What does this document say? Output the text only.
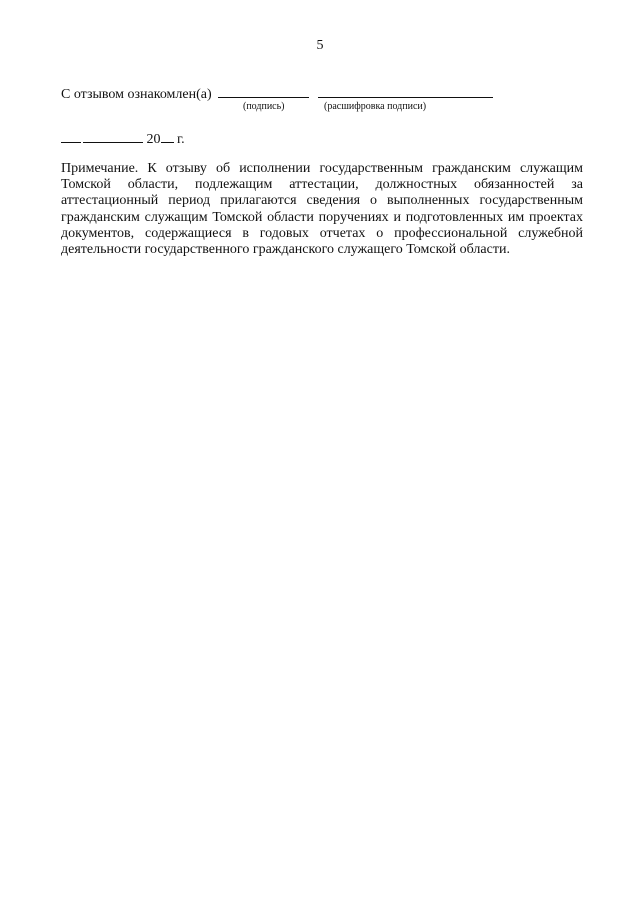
5
С отзывом ознакомлен(а)
(подпись)	(расшифровка подписи)
20 г.

Примечание. К отзыву об исполнении государственным гражданским служащим Томской области, подлежащим аттестации, должностных обязанностей за аттестационный период прилагаются сведения о выполненных государственным гражданским служащим Томской области поручениях и подготовленных им проектах документов, содержащиеся в годовых отчетах о профессиональной служебной деятельности государственного гражданского служащего Томской области.
